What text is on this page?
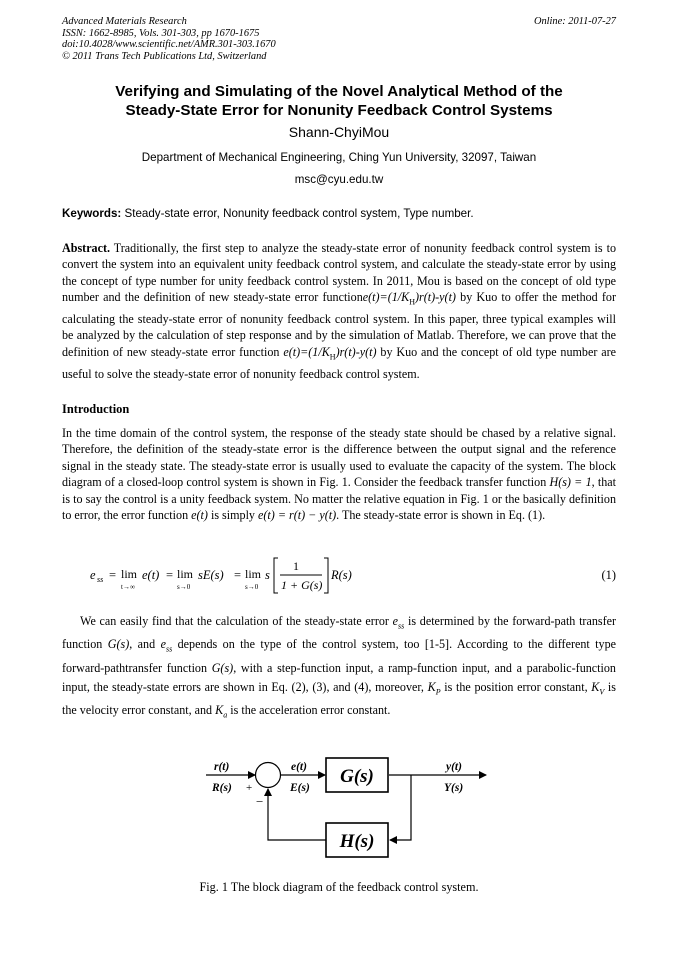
Advanced Materials Research
ISSN: 1662-8985, Vols. 301-303, pp 1670-1675
doi:10.4028/www.scientific.net/AMR.301-303.1670
© 2011 Trans Tech Publications Ltd, Switzerland
Online: 2011-07-27
Verifying and Simulating of the Novel Analytical Method of the
Steady-State Error for Nonunity Feedback Control Systems
Shann-ChyiMou
Department of Mechanical Engineering, Ching Yun University, 32097, Taiwan
msc@cyu.edu.tw
Keywords: Steady-state error, Nonunity feedback control system, Type number.
Abstract. Traditionally, the first step to analyze the steady-state error of nonunity feedback control system is to convert the system into an equivalent unity feedback control system, and calculate the steady-state error by using the concept of type number for unity feedback control system. In 2011, Mou is based on the concept of old type number and the definition of new steady-state error $functione(t)=(1/K_H)r(t)-y(t)$ by Kuo to offer the method for calculating the steady-state error of nonunity feedback control system. In this paper, three typical examples will be analyzed by the calculation of step response and by the simulation of Matlab. Therefore, we can prove that the definition of new steady-state error function $e(t)=(1/K_H)r(t)-y(t)$ by Kuo and the concept of old type number are useful to solve the steady-state error of nonunity feedback control system.
Introduction
In the time domain of the control system, the response of the steady state should be chased by a relative signal. Therefore, the definition of the steady-state error is the difference between the output signal and the reference signal in the steady state. The steady-state error is usually used to evaluate the capacity of the system. The block diagram of a closed-loop control system is shown in Fig. 1. Consider the feedback transfer function H(s) = 1, that is to say the control is a unity feedback system. No matter the relative equation in Fig. 1 or the basically definition to error, the error function e(t) is simply e(t) = r(t) − y(t). The steady-state error is shown in Eq. (1).
e ss = lim
t→∞
e(t) = lim
s→0
sE(s) = lim
s→0
s
1
1 + G(s)
R(s)	(1)
We can easily find that the calculation of the steady-state error $e_{ss}$ is determined by the forward-path transfer function G(s), and $e_{ss}$ depends on the type of the control system, too [1-5]. According to the different type forward-pathtransfer function G(s), with a step-function input, a ramp-function input, and a parabolic-function input, the steady-state errors are shown in Eq. (2), (3), and (4), moreover, $K_P$ is the position error constant, $K_V$ is the velocity error constant, and $K_a$ is the acceleration error constant.
r(t)
R(s) +
−
e(t)
E(s)
G(s)
H(s)
y(t)
Y(s)
Fig. 1 The block diagram of the feedback control system.
